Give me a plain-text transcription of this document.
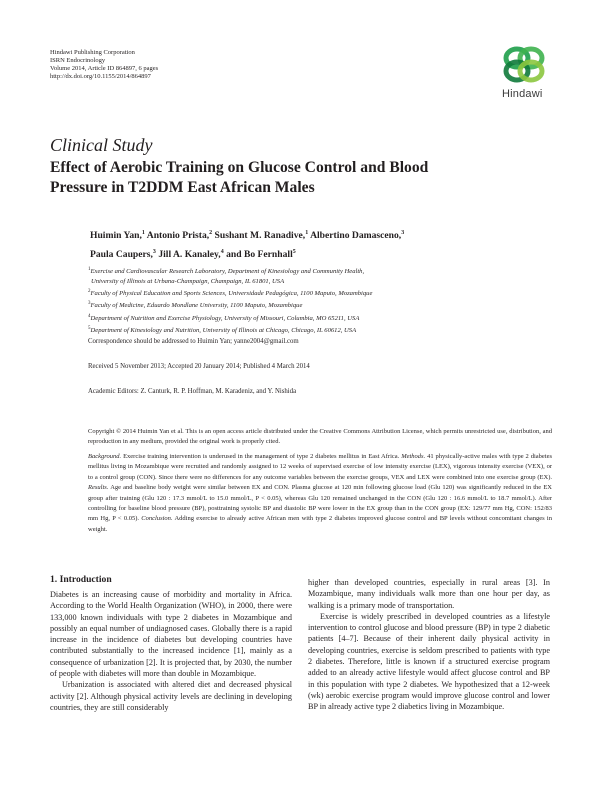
Hindawi Publishing Corporation
ISRN Endocrinology
Volume 2014, Article ID 864897, 6 pages
http://dx.doi.org/10.1155/2014/864897
Hindawi
Clinical Study
Effect of Aerobic Training on Glucose Control and Blood
Pressure in T2DDM East African Males
Huimin Yan,$^1$ Antonio Prista,$^2$ Sushant M. Ranadive,$^1$ Albertino Damasceno,$^3$
Paula Caupers,$^3$ Jill A. Kanaley,$^4$ and Bo Fernhall$^5$
$^1$Exercise and Cardiovascular Research Laboratory, Department of Kinesiology and Community Health,
University of Illinois at Urbana-Champaign, Champaign, IL 61801, USA
$^2$Faculty of Physical Education and Sports Sciences, Universidade Pedagógica, 1100 Maputo, Mozambique
$^3$Faculty of Medicine, Eduardo Mondlane University, 1100 Maputo, Mozambique
$^4$Department of Nutrition and Exercise Physiology, University of Missouri, Columbia, MO 65211, USA
$^5$Department of Kinesiology and Nutrition, University of Illinois at Chicago, Chicago, IL 60612, USA
Correspondence should be addressed to Huimin Yan; yanne2004@gmail.com
Received 5 November 2013; Accepted 20 January 2014; Published 4 March 2014
Academic Editors: Z. Canturk, R. P. Hoffman, M. Karadeniz, and Y. Nishida
Copyright © 2014 Huimin Yan et al. This is an open access article distributed under the Creative Commons Attribution License, which permits unrestricted use, distribution, and reproduction in any medium, provided the original work is properly cited.
Background. Exercise training intervention is underused in the management of type 2 diabetes mellitus in East Africa. Methods. 41 physically-active males with type 2 diabetes mellitus living in Mozambique were recruited and randomly assigned to 12 weeks of supervised exercise of low intensity exercise (LEX), vigorous intensity exercise (VEX), or to a control group (CON). Since there were no differences for any outcome variables between the exercise groups, VEX and LEX were combined into one exercise group (EX). Results. Age and baseline body weight were similar between EX and CON. Plasma glucose at 120 min following glucose load (Glu 120) was significantly reduced in the EX group after training (Glu 120 : 17.3 mmol/L to 15.0 mmol/L, P < 0.05), whereas Glu 120 remained unchanged in the CON (Glu 120 : 16.6 mmol/L to 18.7 mmol/L). After controlling for baseline blood pressure (BP), posttraining systolic BP and diastolic BP were lower in the EX group than in the CON group (EX: 129/77 mm Hg, CON: 152/83 mm Hg, P < 0.05). Conclusion. Adding exercise to already active African men with type 2 diabetes improved glucose control and BP levels without concomitant changes in weight.
1. Introduction

Diabetes is an increasing cause of morbidity and mortality in Africa. According to the World Health Organization (WHO), in 2000, there were 133,000 known individuals with type 2 diabetes in Mozambique and possibly an equal number of undiagnosed cases. Globally there is a rapid increase in the incidence of diabetes but developing countries have contributed substantially to the increased incidence [1], mainly as a consequence of urbanization [2]. It is projected that, by 2030, the number of people with diabetes will more than double in Mozambique.

Urbanization is associated with altered diet and decreased physical activity [2]. Although physical activity levels are declining in developing countries, they are still considerably

higher than developed countries, especially in rural areas [3]. In Mozambique, many individuals walk more than one hour per day, as walking is a primary mode of transportation.

Exercise is widely prescribed in developed countries as a lifestyle intervention to control glucose and blood pressure (BP) in type 2 diabetic patients [4–7]. Because of their inherent daily physical activity in developing countries, exercise is seldom prescribed to patients with type 2 diabetes. Therefore, little is known if a structured exercise program added to an already active lifestyle would affect glucose control and BP in this population with type 2 diabetes. We hypothesized that a 12-week (wk) aerobic exercise program would improve glucose control and lower BP in already active type 2 diabetics living in Mozambique.
